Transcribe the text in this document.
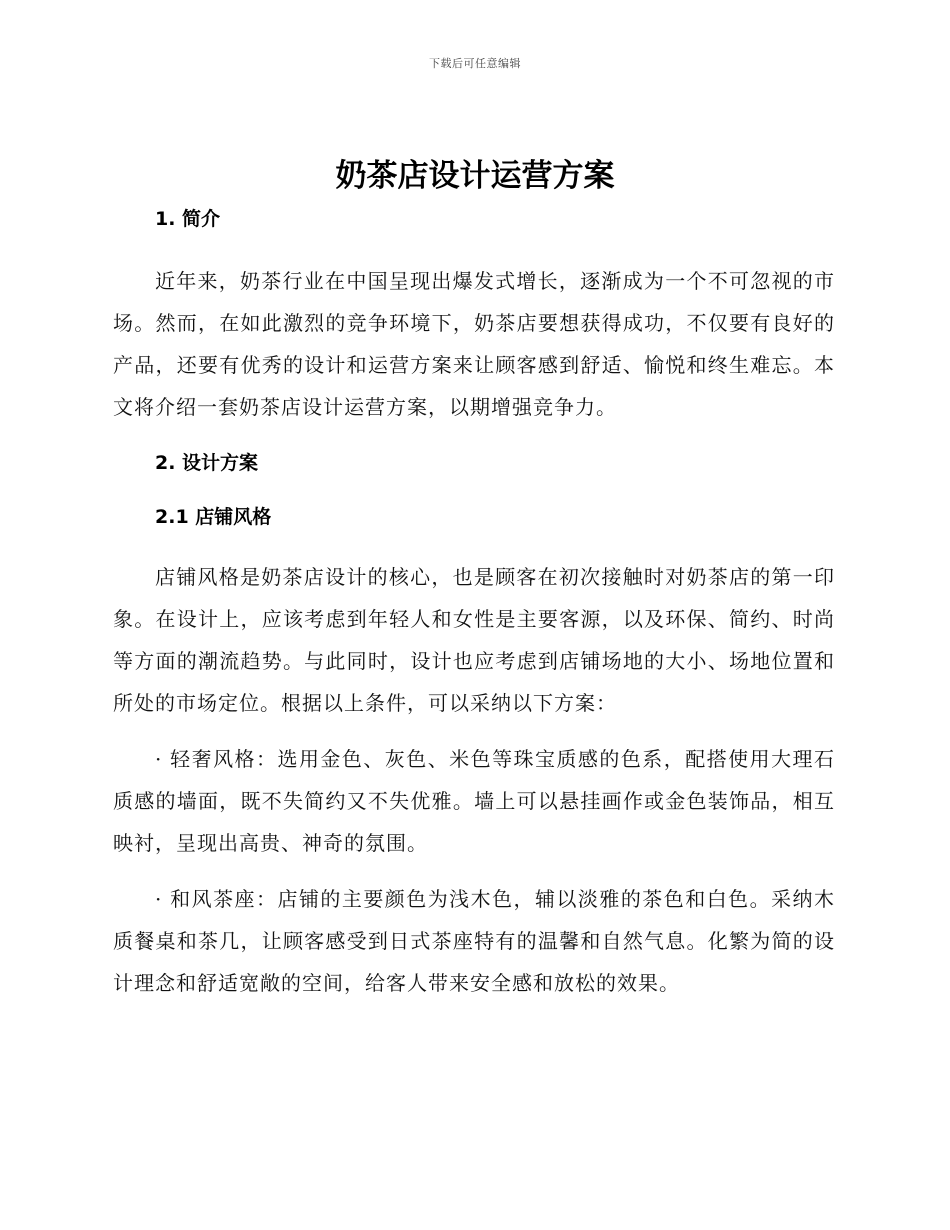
下载后可任意编辑
奶茶店设计运营方案
1. 简介

近年来，奶茶行业在中国呈现出爆发式增长，逐渐成为一个不可忽视的市场。然而，在如此激烈的竞争环境下，奶茶店要想获得成功，不仅要有良好的产品，还要有优秀的设计和运营方案来让顾客感到舒适、愉悦和终生难忘。本文将介绍一套奶茶店设计运营方案，以期增强竞争力。

2. 设计方案
2.1 店铺风格

店铺风格是奶茶店设计的核心，也是顾客在初次接触时对奶茶店的第一印象。在设计上，应该考虑到年轻人和女性是主要客源，以及环保、简约、时尚等方面的潮流趋势。与此同时，设计也应考虑到店铺场地的大小、场地位置和所处的市场定位。根据以上条件，可以采纳以下方案：

· 轻奢风格：选用金色、灰色、米色等珠宝质感的色系，配搭使用大理石质感的墙面，既不失简约又不失优雅。墙上可以悬挂画作或金色装饰品，相互映衬，呈现出高贵、神奇的氛围。

· 和风茶座：店铺的主要颜色为浅木色，辅以淡雅的茶色和白色。采纳木质餐桌和茶几，让顾客感受到日式茶座特有的温馨和自然气息。化繁为简的设计理念和舒适宽敞的空间，给客人带来安全感和放松的效果。
